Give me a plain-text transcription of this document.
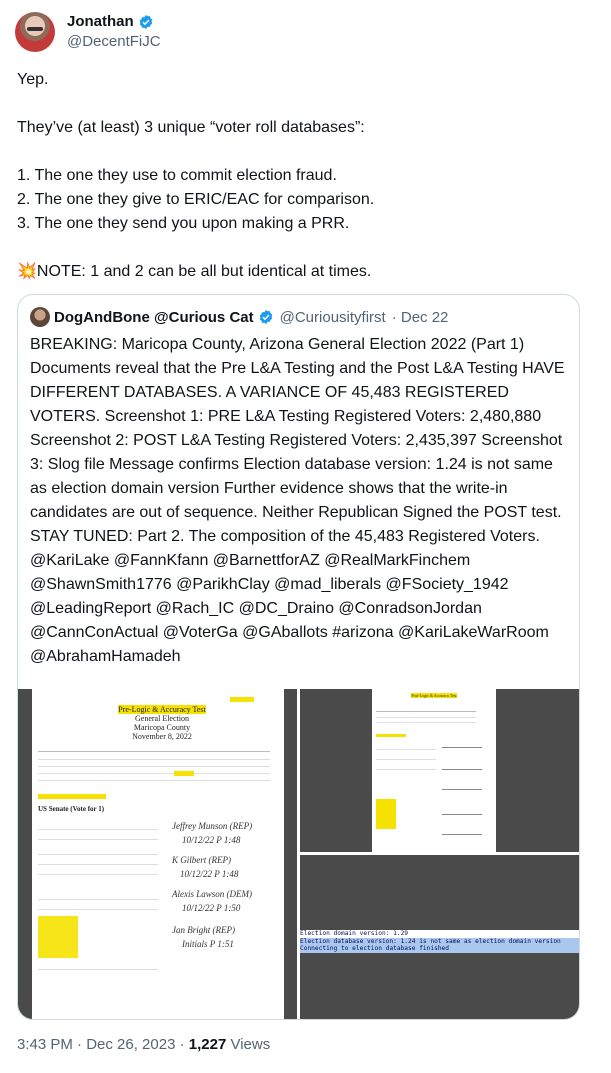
Jonathan
@DecentFiJC
Yep.

They’ve (at least) 3 unique “voter roll databases”:

1. The one they use to commit election fraud.
2. The one they give to ERIC/EAC for comparison.
3. The one they send you upon making a PRR.

💥NOTE: 1 and 2 can be all but identical at times.
DogAndBone @Curious Cat @Curiousityfirst · Dec 22
BREAKING: Maricopa County, Arizona General Election 2022 (Part 1) Documents reveal that the Pre L&A Testing and the Post L&A Testing HAVE DIFFERENT DATABASES. A VARIANCE OF 45,483 REGISTERED VOTERS. Screenshot 1: PRE L&A Testing Registered Voters: 2,480,880 Screenshot 2: POST L&A Testing Registered Voters: 2,435,397 Screenshot 3: Slog file Message confirms Election database version: 1.24 is not same as election domain version Further evidence shows that the write-in candidates are out of sequence. Neither Republican Signed the POST test. STAY TUNED: Part 2. The composition of the 45,483 Registered Voters. @KariLake @FannKfann @BarnettforAZ @RealMarkFinchem @ShawnSmith1776 @ParikhClay @mad_liberals @FSociety_1942 @LeadingReport @Rach_IC @DC_Draino @ConradsonJordan @CannConActual @VoterGa @GAballots #arizona @KariLakeWarRoom @AbrahamHamadeh
Pre-Logic & Accuracy Test
General Election
Maricopa County
November 8, 2022
US Senate (Vote for 1)
Jeffrey Munson (REP)
10/12/22 P 1:48
K Gilbert (REP)
10/12/22 P 1:48
Alexis Lawson (DEM)
10/12/22 P 1:50
Jan Bright (REP)
Initials P 1:51
Post-Logic & Accuracy Test
Election domain version: 1.29
Election database version: 1.24 is not same as election domain version
Connecting to election database finished
3:43 PM · Dec 26, 2023 · 1,227 Views
